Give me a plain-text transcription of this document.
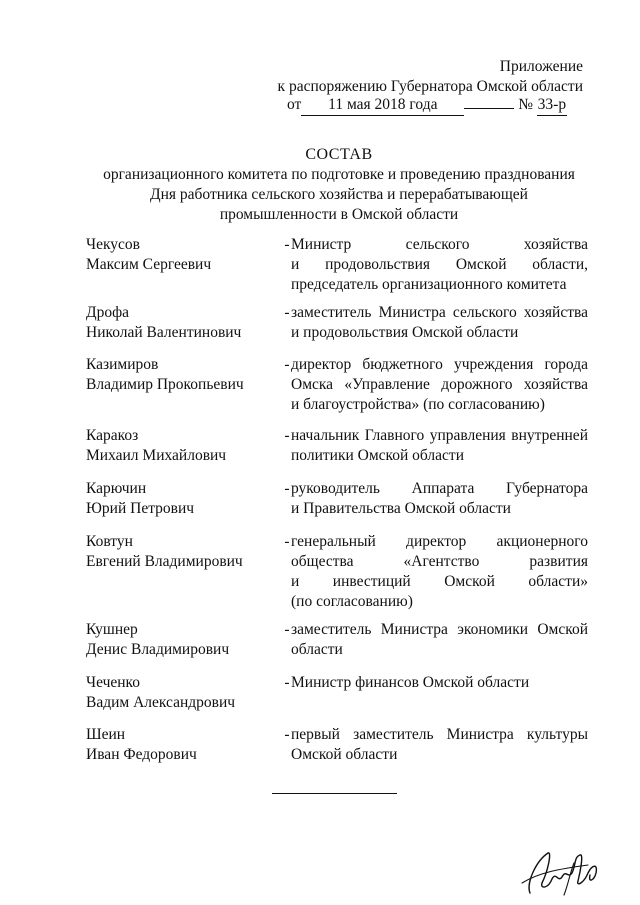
Приложение
к распоряжению Губернатора Омской области
от 11 мая 2018 года	№ 33-р
СОСТАВ
организационного комитета по подготовке и проведению празднования
Дня работника сельского хозяйства и перерабатывающей
промышленности в Омской области
Чекусов
Максим Сергеевич
- Министр сельского хозяйства
и продовольствия Омской области,
председатель организационного комитета
Дрофа
Николай Валентинович
- заместитель Министра сельского хозяйства
и продовольствия Омской области
Казимиров
Владимир Прокопьевич
- директор бюджетного учреждения города
Омска «Управление дорожного хозяйства
и благоустройства» (по согласованию)
Каракоз
Михаил Михайлович
- начальник Главного управления внутренней
политики Омской области
Карючин
Юрий Петрович
- руководитель Аппарата Губернатора
и Правительства Омской области
Ковтун
Евгений Владимирович
- генеральный директор акционерного
общества «Агентство развития
и инвестиций Омской области»
(по согласованию)
Кушнер
Денис Владимирович
- заместитель Министра экономики Омской
области
Чеченко
Вадим Александрович
- Министр финансов Омской области
Шеин
Иван Федорович
- первый заместитель Министра культуры
Омской области
